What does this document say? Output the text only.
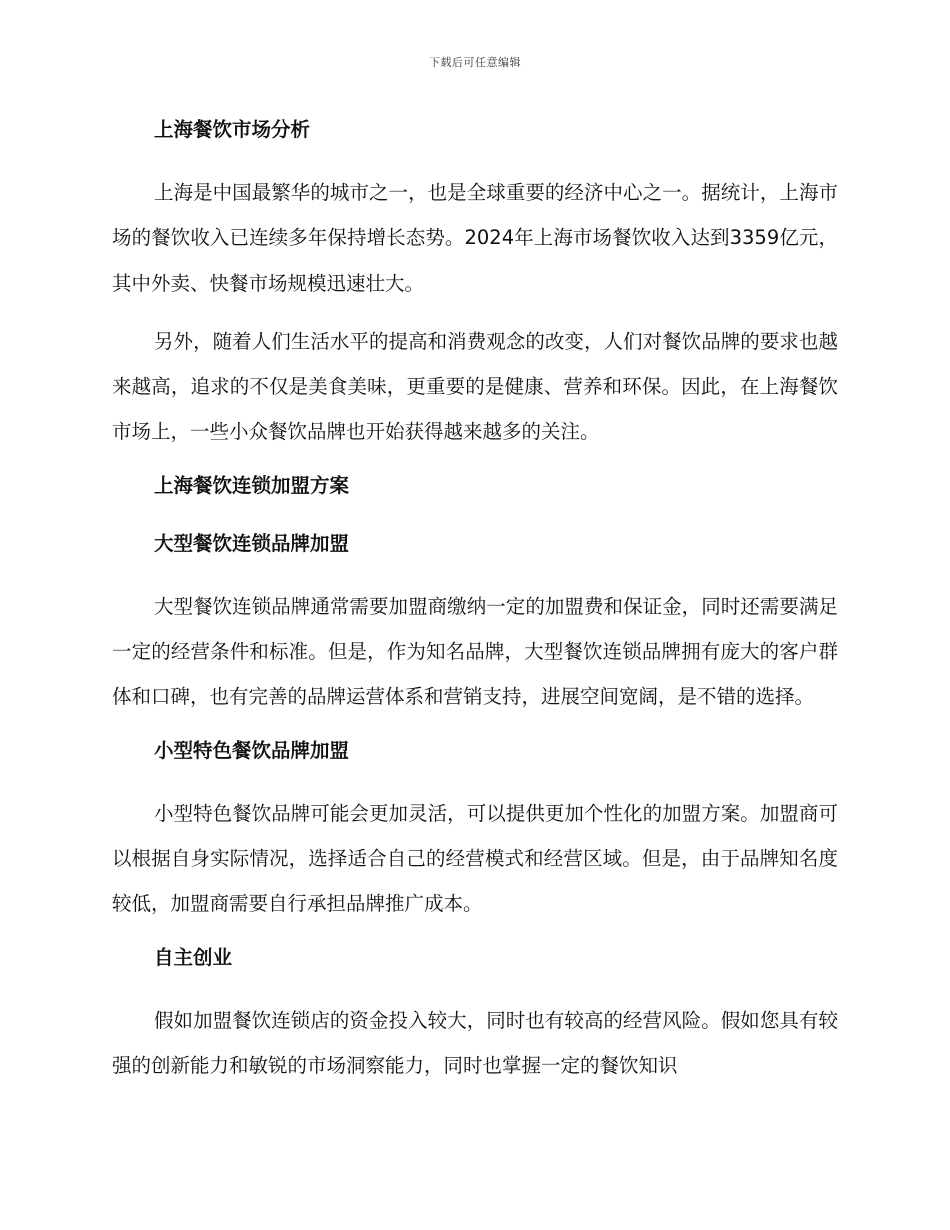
下载后可任意编辑
上海餐饮市场分析

上海是中国最繁华的城市之一，也是全球重要的经济中心之一。据统计，上海市场的餐饮收入已连续多年保持增长态势。2024年上海市场餐饮收入达到3359亿元，其中外卖、快餐市场规模迅速壮大。

另外，随着人们生活水平的提高和消费观念的改变，人们对餐饮品牌的要求也越来越高，追求的不仅是美食美味，更重要的是健康、营养和环保。因此，在上海餐饮市场上，一些小众餐饮品牌也开始获得越来越多的关注。

上海餐饮连锁加盟方案
大型餐饮连锁品牌加盟

大型餐饮连锁品牌通常需要加盟商缴纳一定的加盟费和保证金，同时还需要满足一定的经营条件和标准。但是，作为知名品牌，大型餐饮连锁品牌拥有庞大的客户群体和口碑，也有完善的品牌运营体系和营销支持，进展空间宽阔，是不错的选择。

小型特色餐饮品牌加盟

小型特色餐饮品牌可能会更加灵活，可以提供更加个性化的加盟方案。加盟商可以根据自身实际情况，选择适合自己的经营模式和经营区域。但是，由于品牌知名度较低，加盟商需要自行承担品牌推广成本。

自主创业

假如加盟餐饮连锁店的资金投入较大，同时也有较高的经营风险。假如您具有较强的创新能力和敏锐的市场洞察能力，同时也掌握一定的餐饮知识
